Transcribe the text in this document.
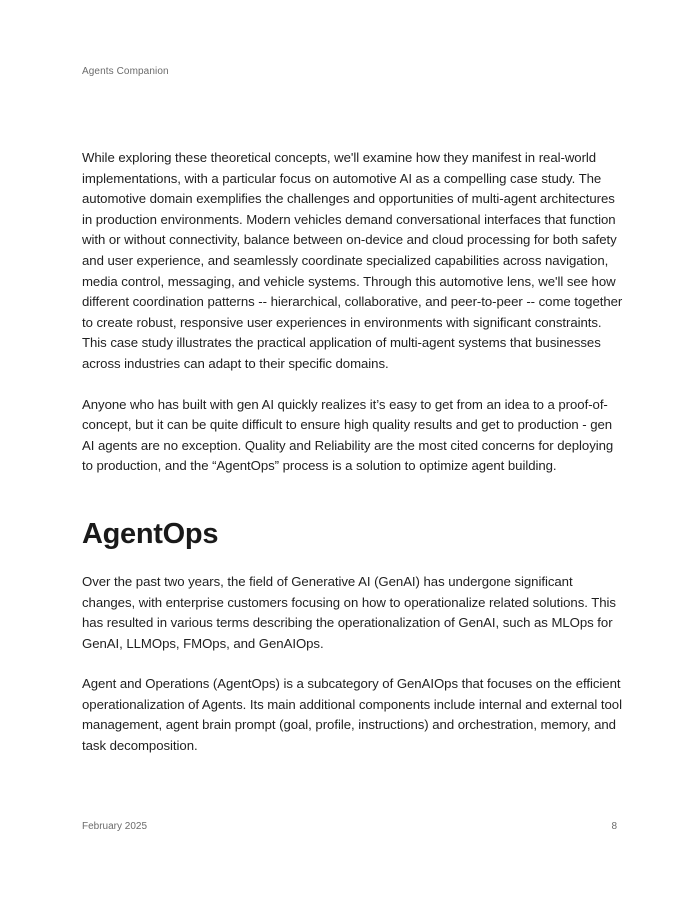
Agents Companion

While exploring these theoretical concepts, we'll examine how they manifest in real-world implementations, with a particular focus on automotive AI as a compelling case study. The automotive domain exemplifies the challenges and opportunities of multi-agent architectures in production environments. Modern vehicles demand conversational interfaces that function with or without connectivity, balance between on-device and cloud processing for both safety and user experience, and seamlessly coordinate specialized capabilities across navigation, media control, messaging, and vehicle systems. Through this automotive lens, we'll see how different coordination patterns -- hierarchical, collaborative, and peer-to-peer -- come together to create robust, responsive user experiences in environments with significant constraints. This case study illustrates the practical application of multi-agent systems that businesses across industries can adapt to their specific domains.

Anyone who has built with gen AI quickly realizes it’s easy to get from an idea to a proof-of-concept, but it can be quite difficult to ensure high quality results and get to production - gen AI agents are no exception. Quality and Reliability are the most cited concerns for deploying to production, and the “AgentOps” process is a solution to optimize agent building.

AgentOps

Over the past two years, the field of Generative AI (GenAI) has undergone significant changes, with enterprise customers focusing on how to operationalize related solutions. This has resulted in various terms describing the operationalization of GenAI, such as MLOps for GenAI, LLMOps, FMOps, and GenAIOps.

Agent and Operations (AgentOps) is a subcategory of GenAIOps that focuses on the efficient operationalization of Agents. Its main additional components include internal and external tool management, agent brain prompt (goal, profile, instructions) and orchestration, memory, and task decomposition.

February 2025	8
